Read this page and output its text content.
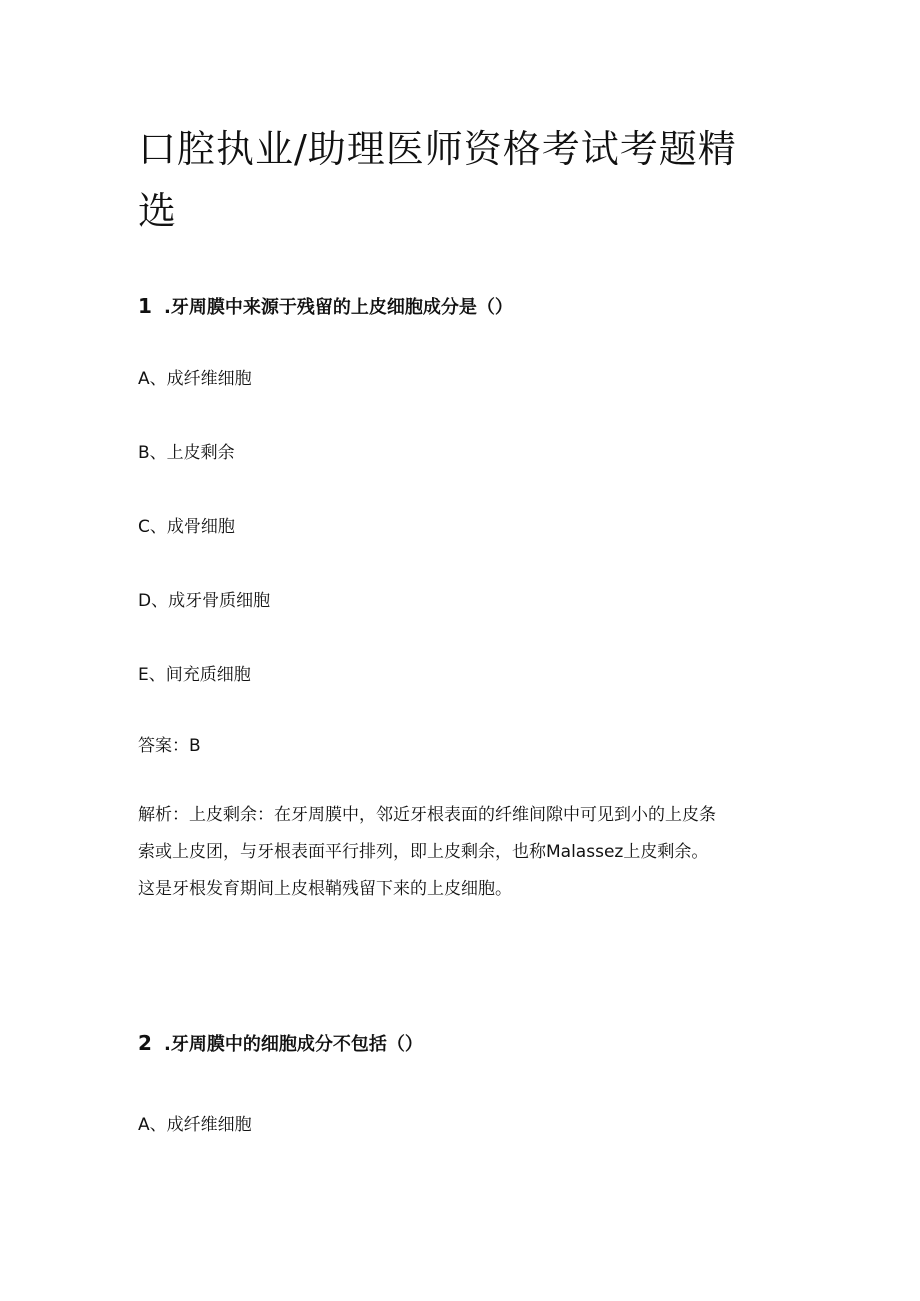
口腔执业/助理医师资格考试考题精
选
1 .牙周膜中来源于残留的上皮细胞成分是（）
A、成纤维细胞
B、上皮剩余
C、成骨细胞
D、成牙骨质细胞
E、间充质细胞
答案：B
解析：上皮剩余：在牙周膜中，邻近牙根表面的纤维间隙中可见到小的上皮条
索或上皮团，与牙根表面平行排列，即上皮剩余，也称Malassez上皮剩余。
这是牙根发育期间上皮根鞘残留下来的上皮细胞。
2 .牙周膜中的细胞成分不包括（）
A、成纤维细胞
